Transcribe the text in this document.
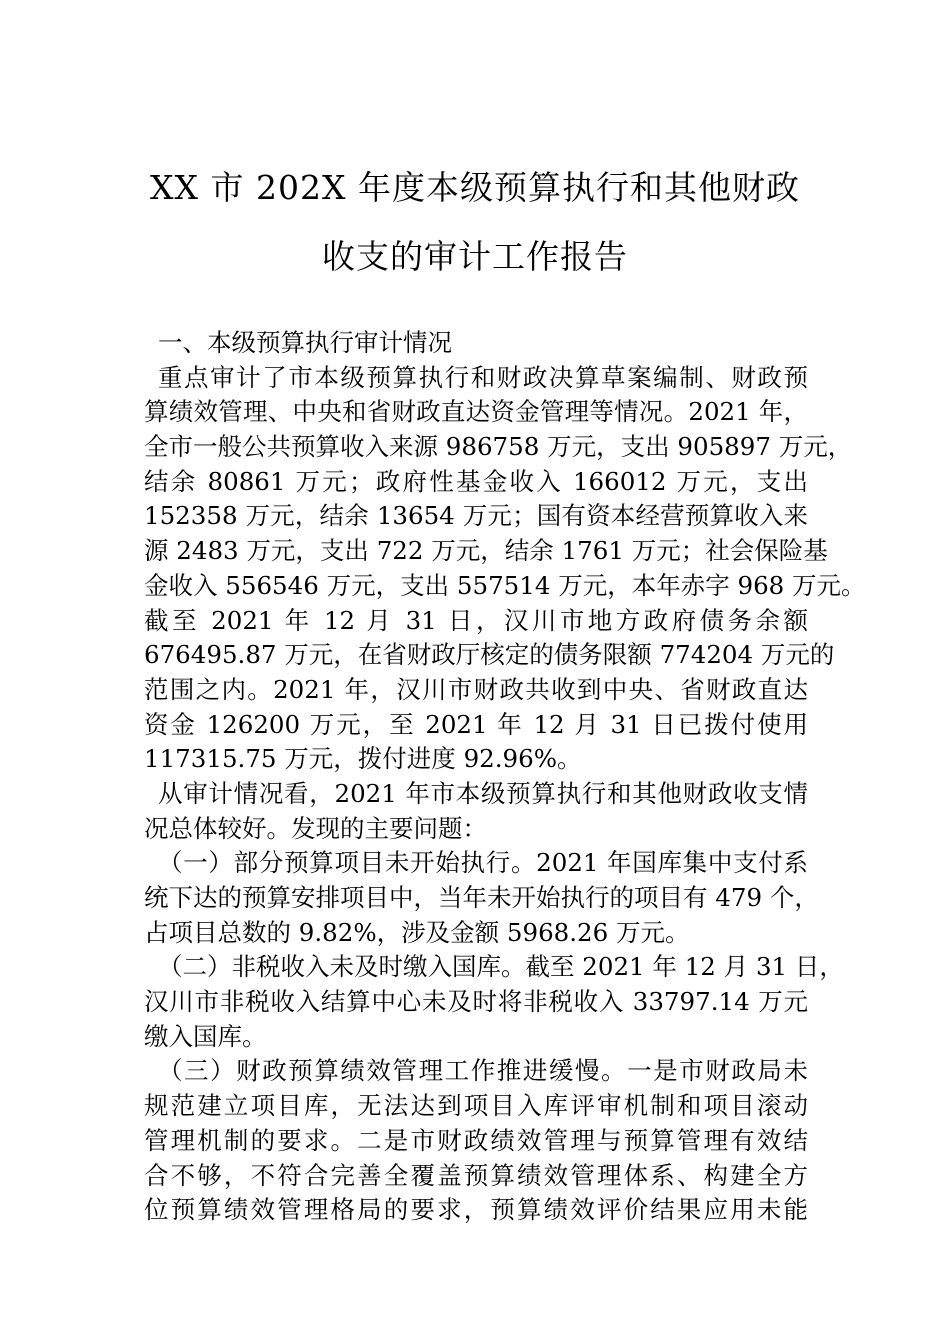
XX 市 202X 年度本级预算执行和其他财政
收支的审计工作报告
一、本级预算执行审计情况
重点审计了市本级预算执行和财政决算草案编制、财政预
算绩效管理、中央和省财政直达资金管理等情况。2021 年，
全市一般公共预算收入来源 986758 万元，支出 905897 万元，
结余 80861 万元；政府性基金收入 166012 万元，支出
152358 万元，结余 13654 万元；国有资本经营预算收入来
源 2483 万元，支出 722 万元，结余 1761 万元；社会保险基
金收入 556546 万元，支出 557514 万元，本年赤字 968 万元。
截至 2021 年 12 月 31 日，汉川市地方政府债务余额
676495.87 万元，在省财政厅核定的债务限额 774204 万元的
范围之内。2021 年，汉川市财政共收到中央、省财政直达
资金 126200 万元，至 2021 年 12 月 31 日已拨付使用
117315.75 万元，拨付进度 92.96%。
从审计情况看，2021 年市本级预算执行和其他财政收支情
况总体较好。发现的主要问题：
（一）部分预算项目未开始执行。2021 年国库集中支付系
统下达的预算安排项目中，当年未开始执行的项目有 479 个，
占项目总数的 9.82%，涉及金额 5968.26 万元。
（二）非税收入未及时缴入国库。截至 2021 年 12 月 31 日，
汉川市非税收入结算中心未及时将非税收入 33797.14 万元
缴入国库。
（三）财政预算绩效管理工作推进缓慢。一是市财政局未
规范建立项目库，无法达到项目入库评审机制和项目滚动
管理机制的要求。二是市财政绩效管理与预算管理有效结
合不够，不符合完善全覆盖预算绩效管理体系、构建全方
位预算绩效管理格局的要求，预算绩效评价结果应用未能
